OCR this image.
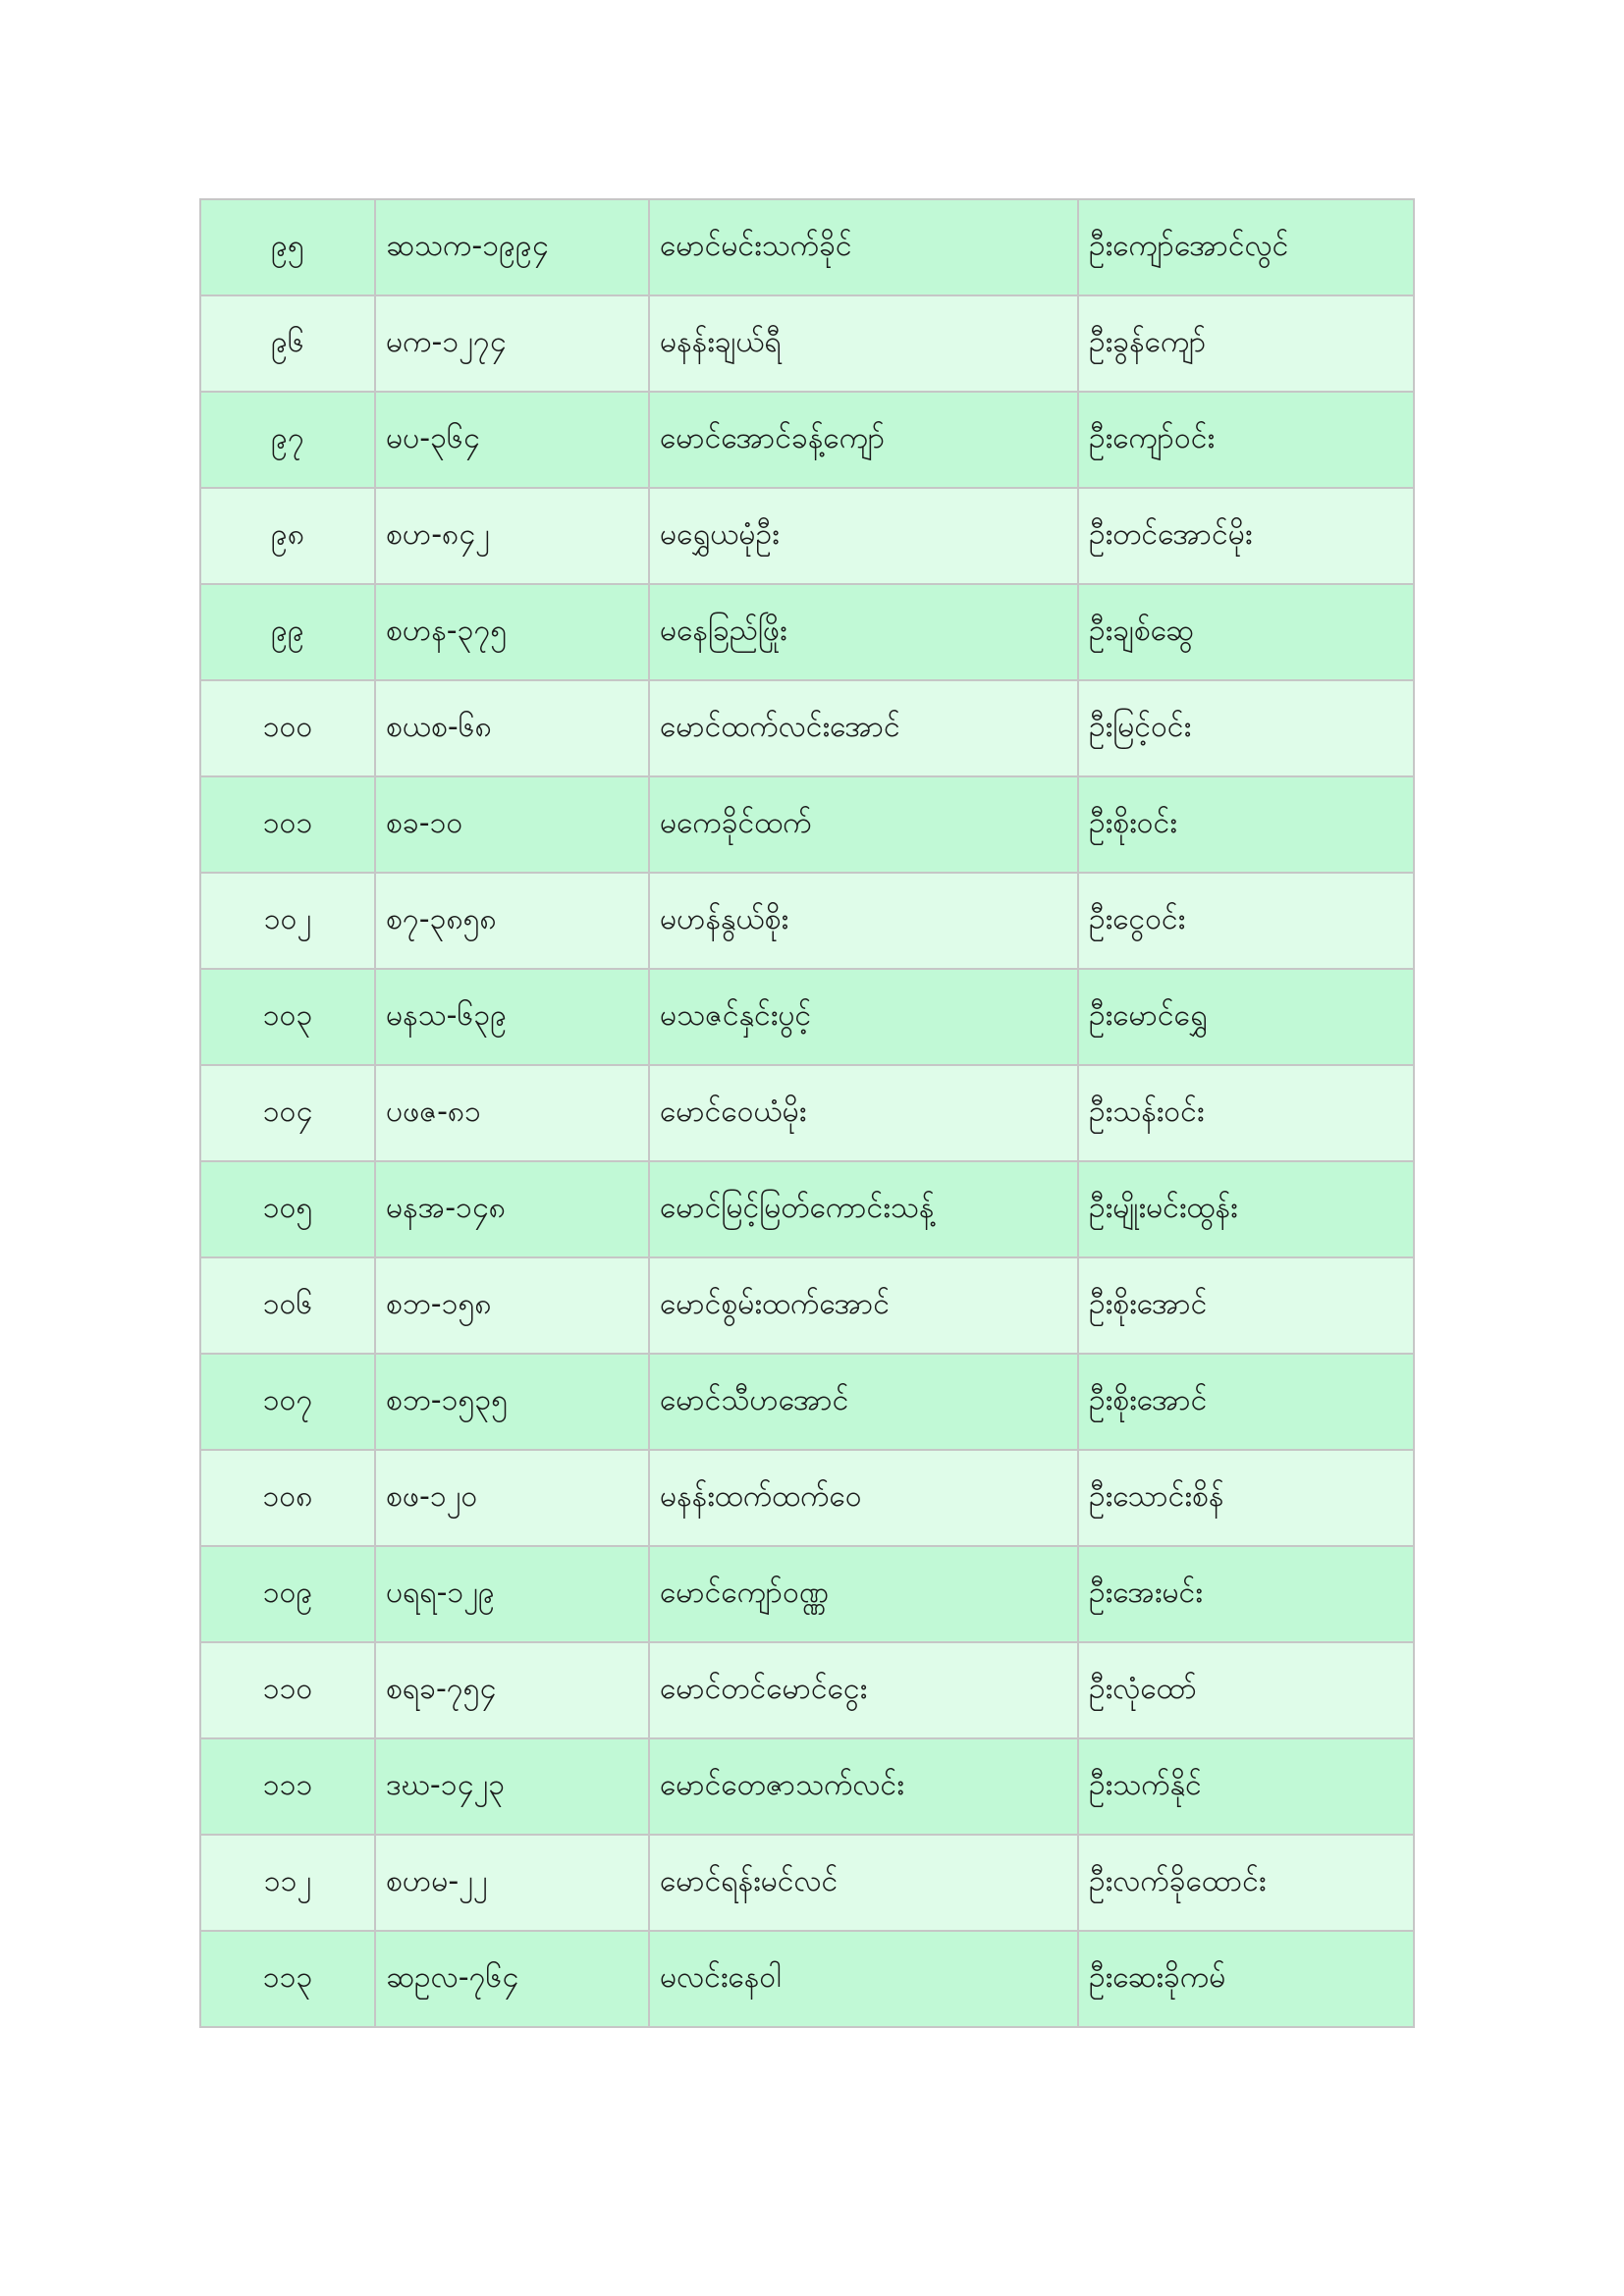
၉၅	ဆသက-၁၉၉၄	မောင်မင်းသက်ခိုင်	ဦးကျော်အောင်လွင်
၉၆	မက-၁၂၇၄	မနန်းချယ်ရီ	ဦးခွန်ကျော်
၉၇	မပ-၃၆၄	မောင်အောင်ခန့်ကျော်	ဦးကျော်ဝင်း
၉၈	စဟ-၈၄၂	မရွှေယမုံဦး	ဦးတင်အောင်မိုး
၉၉	စဟန-၃၇၅	မနေခြည်ဖြိုး	ဦးချစ်ဆွေ
၁၀၀	စယစ-၆၈	မောင်ထက်လင်းအောင်	ဦးမြင့်ဝင်း
၁၀၁	စခ-၁၀	မကေခိုင်ထက်	ဦးစိုးဝင်း
၁၀၂	စ၇-၃၈၅၈	မဟန်နွယ်စိုး	ဦးငွေဝင်း
၁၀၃	မနသ-၆၃၉	မသဇင်နှင်းပွင့်	ဦးမောင်ရွှေ
၁၀၄	ပဖဇ-၈၁	မောင်ဝေယံမိုး	ဦးသန်းဝင်း
၁၀၅	မနအ-၁၄၈	မောင်မြင့်မြတ်ကောင်းသန့်	ဦးမျိုးမင်းထွန်း
၁၀၆	စဘ-၁၅၈	မောင်စွမ်းထက်အောင်	ဦးစိုးအောင်
၁၀၇	စဘ-၁၅၃၅	မောင်သီဟအောင်	ဦးစိုးအောင်
၁၀၈	စဖ-၁၂၀	မနန်းထက်ထက်ဝေ	ဦးသောင်းစိန်
၁၀၉	ပရရ-၁၂၉	မောင်ကျော်ဝဏ္ဏ	ဦးအေးမင်း
၁၁၀	စရခ-၇၅၄	မောင်တင်မောင်ငွေး	ဦးလုံထော်
၁၁၁	ဒဃ-၁၄၂၃	မောင်တေဇာသက်လင်း	ဦးသက်နိုင်
၁၁၂	စဟမ-၂၂	မောင်ရန်းမင်လင်	ဦးလက်ခိုထောင်း
၁၁၃	ဆဥလ-၇၆၄	မလင်းနေဝါ	ဦးဆေးခိုကမ်
